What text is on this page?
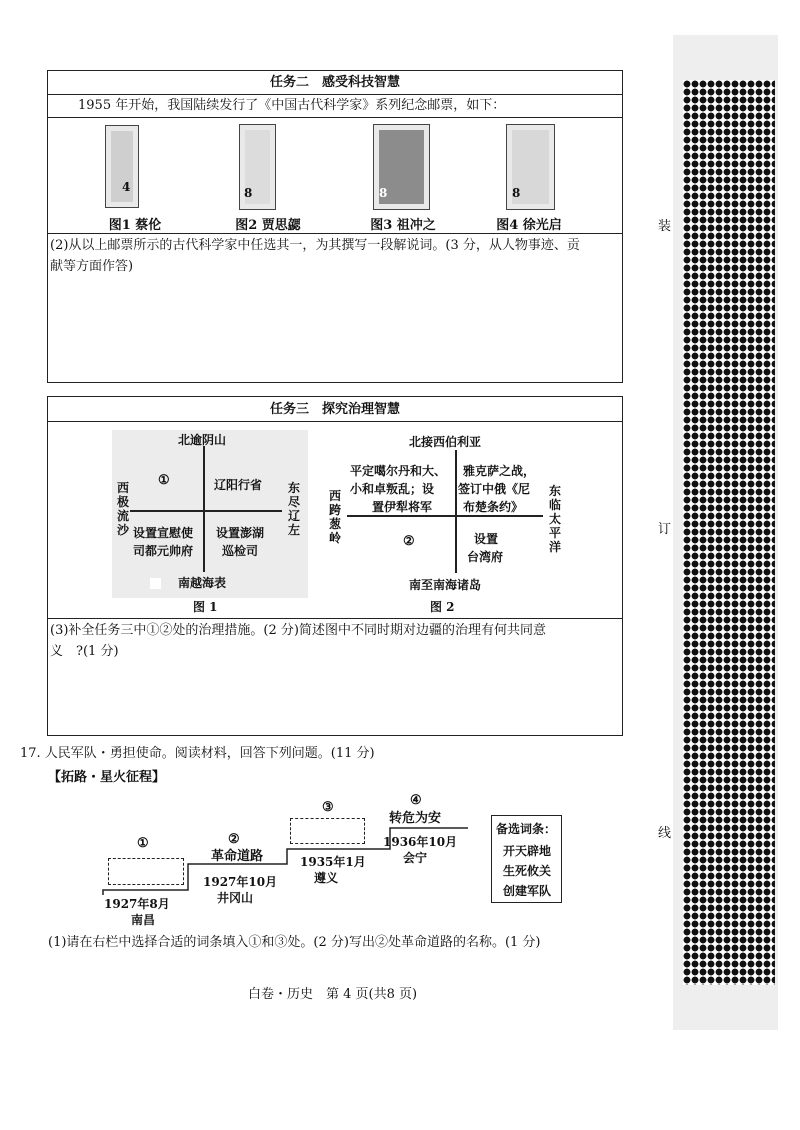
任务二　感受科技智慧
1955 年开始，我国陆续发行了《中国古代科学家》系列纪念邮票，如下：
4
图1 蔡伦
8
图2 贾思勰
8
图3 祖冲之
8
图4 徐光启
(2)从以上邮票所示的古代科学家中任选其一，为其撰写一段解说词。(3 分，从人物事迹、贡
献等方面作答)
任务三　探究治理智慧
北逾阴山
南越海表
西极流沙
东尽辽左
①	辽阳行省
设置宣慰使
司都元帅府
设置澎湖
巡检司
图 1
北接西伯利亚
南至南海诸岛
西跨葱岭
东临太平洋
平定噶尔丹和大、
小和卓叛乱；设
置伊犁将军
雅克萨之战，
签订中俄《尼
布楚条约》
②	设置
台湾府
图 2
(3)补全任务三中①②处的治理措施。(2 分)简述图中不同时期对边疆的治理有何共同意
义　?(1 分)
17. 人民军队・勇担使命。阅读材料，回答下列问题。(11 分)
【拓路・星火征程】
①
1927年8月
南昌
②
革命道路
1927年10月
井冈山
③
1935年1月
遵义
④
转危为安
1936年10月
会宁
备选词条：
开天辟地
生死攸关
创建军队
(1)请在右栏中选择合适的词条填入①和③处。(2 分)写出②处革命道路的名称。(1 分)
白卷・历史　第 4 页(共8 页)
装
订
线
